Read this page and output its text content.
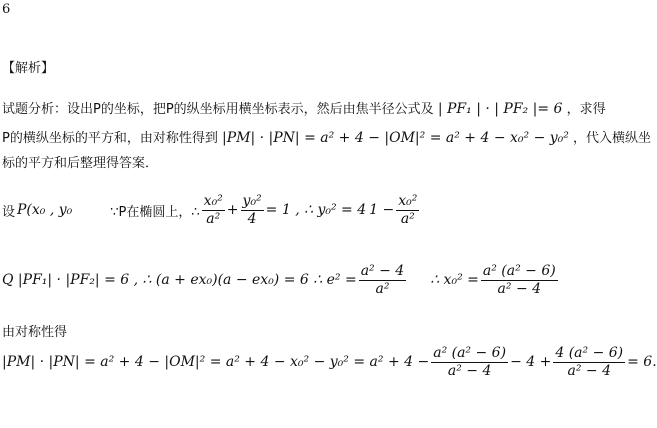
6
【解析】
试题分析：设出P的坐标，把P的纵坐标用横坐标表示，然后由焦半径公式及 | PF₁ | · | PF₂ |= 6 ，求得
P的横纵坐标的平方和，由对称性得到 |PM| · |PN| = a² + 4 − |OM|² = a² + 4 − x₀² − y₀² ，代入横纵坐
标的平方和后整理得答案．
设 P(x₀ , y₀	∵P在椭圆上，∴ $\frac{\text{x₀²}}{\text{a²}} + \frac{\text{y₀²}}{4} = 1$ , ∴ y₀² = 4 $1 - \frac{\text{x₀²}}{\text{a²}}$
Q |PF₁| · |PF₂| = 6 , ∴ (a + ex₀)(a − ex₀) = 6 ∴ $e^2 = \frac{\text{a² − 4}}{\text{a²}}$ ∴ $x_0^2 = \frac{\text{a² (a² − 6)}}{\text{a² − 4}}$
由对称性得
$|PM| \cdot |PN| = a^2 + 4 - |OM|^2 = a^2 + 4 - x_0^2 - y_0^2 = a^2 + 4 - \frac{\text{a² (a² − 6)}}{\text{a² − 4}} - 4 + \frac{\text{4 (a² − 6)}}{\text{a² − 4}} = 6$.
